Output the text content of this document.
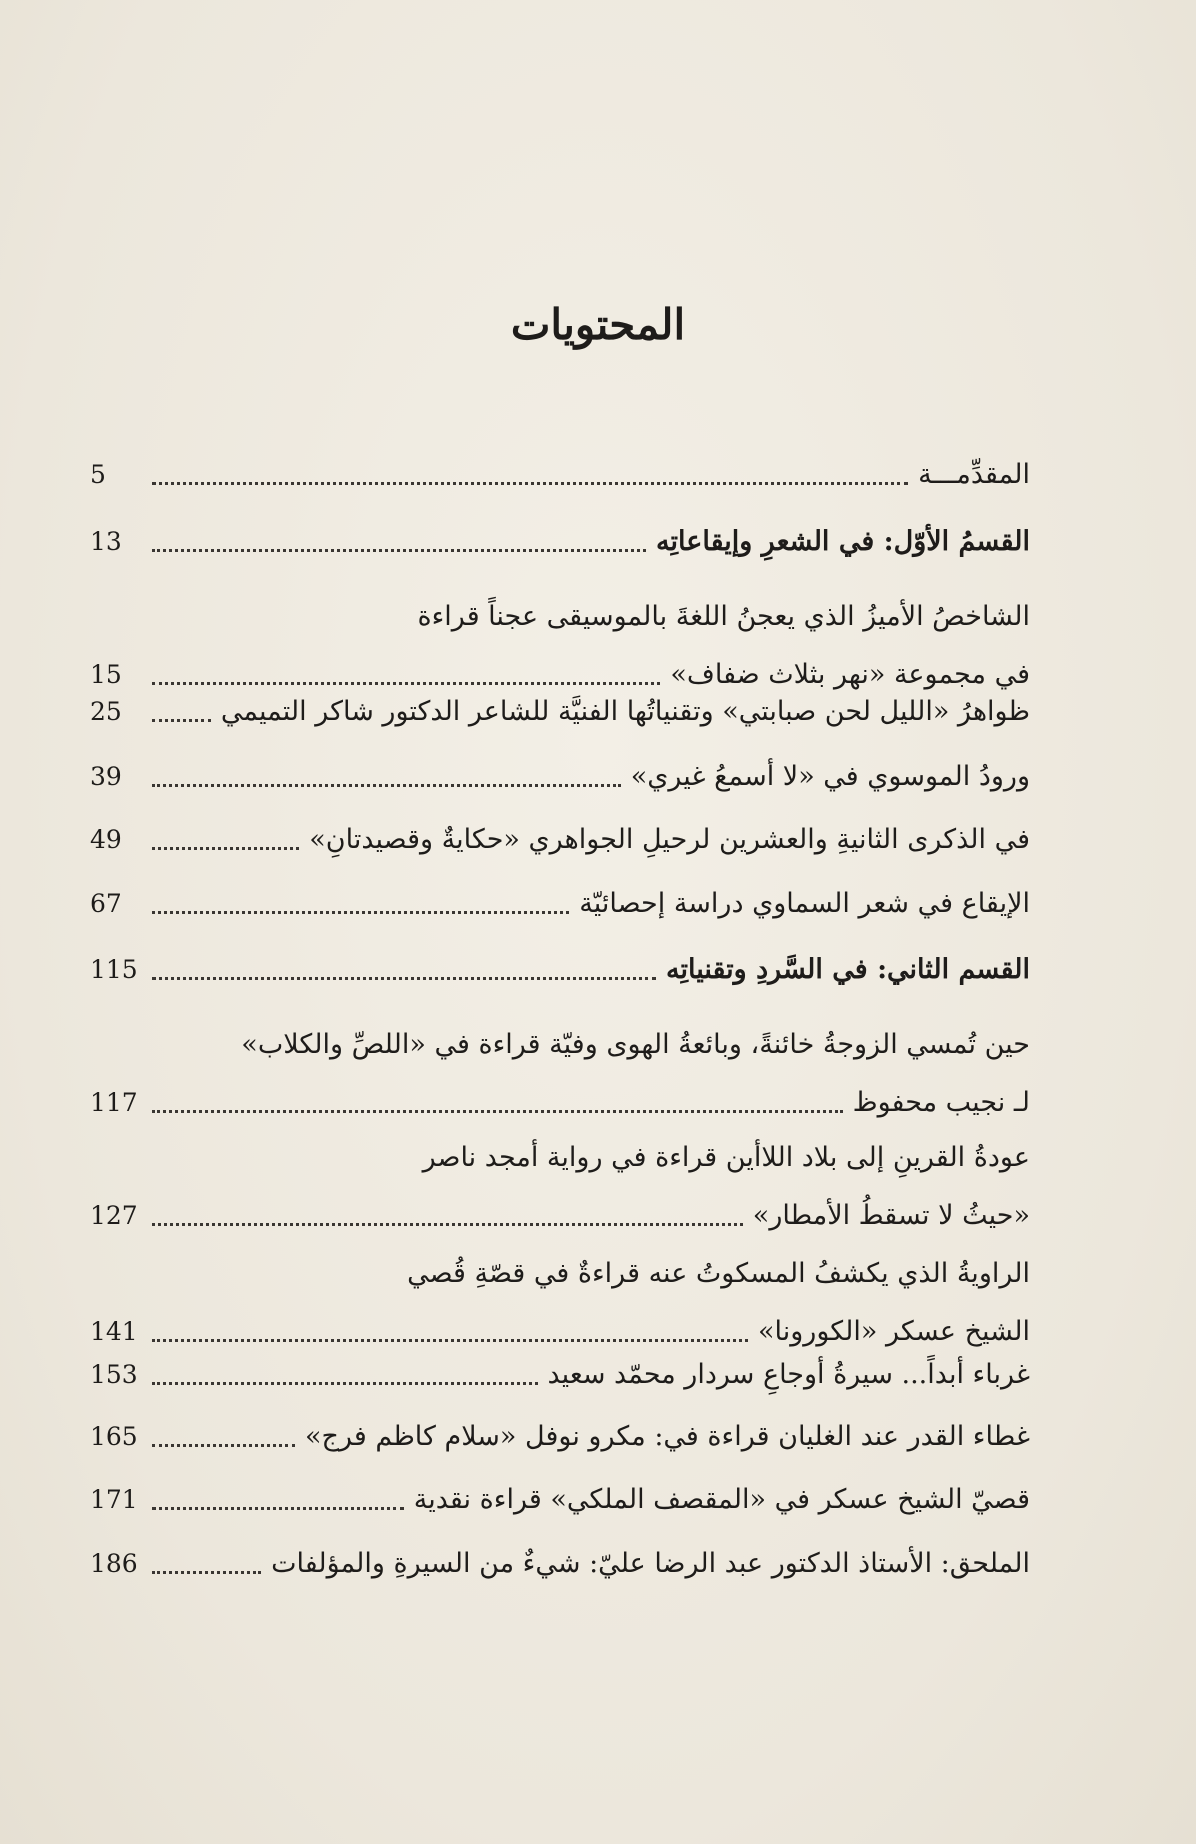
المحتويات
المقدِّمـــة
5
القسمُ الأوّل: في الشعرِ وإيقاعاتِه
13
الشاخصُ الأميزُ الذي يعجنُ اللغةَ بالموسيقى عجناً قراءة
في مجموعة «نهر بثلاث ضفاف»
15
ظواهرُ «الليل لحن صبابتي» وتقنياتُها الفنيَّة للشاعر الدكتور شاكر التميمي
25
ورودُ الموسوي في «لا أسمعُ غيري»
39
في الذكرى الثانيةِ والعشرين لرحيلِ الجواهري «حكايةٌ وقصيدتانِ»
49
الإيقاع في شعر السماوي دراسة إحصائيّة
67
القسم الثاني: في السَّردِ وتقنياتِه
115
حين تُمسي الزوجةُ خائنةً، وبائعةُ الهوى وفيّة قراءة في «اللصِّ والكلاب»
لـ نجيب محفوظ
117
عودةُ القرينِ إلى بلاد اللاأين قراءة في رواية أمجد ناصر
«حيثُ لا تسقطُ الأمطار»
127
الراويةُ الذي يكشفُ المسكوتُ عنه قراءةٌ في قصّةِ قُصي
الشيخ عسكر «الكورونا»
141
غرباء أبداً... سيرةُ أوجاعِ سردار محمّد سعيد
153
غطاء القدر عند الغليان قراءة في: مكرو نوفل «سلام كاظم فرج»
165
قصيّ الشيخ عسكر في «المقصف الملكي» قراءة نقدية
171
الملحق: الأستاذ الدكتور عبد الرضا عليّ: شيءٌ من السيرةِ والمؤلفات
186
